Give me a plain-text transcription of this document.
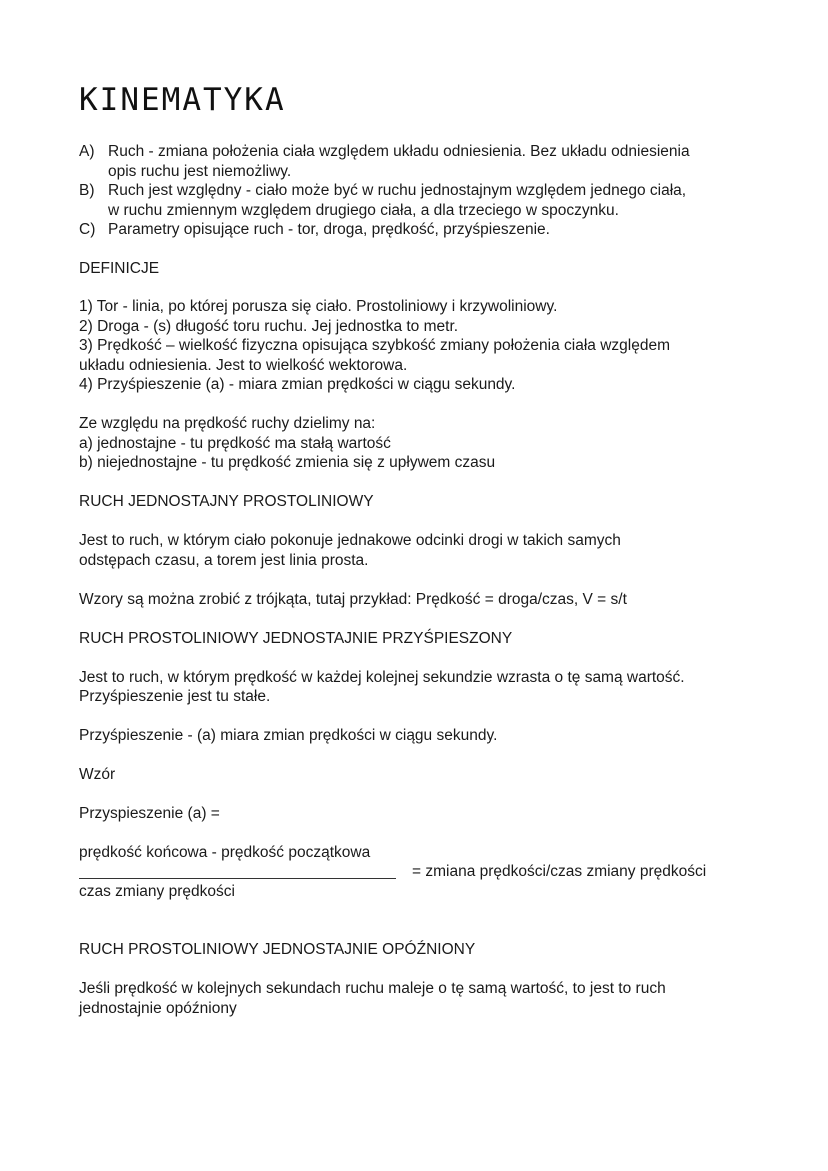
KINEMATYKA
A) Ruch - zmiana położenia ciała względem układu odniesienia. Bez układu odniesienia
opis ruchu jest niemożliwy.
B) Ruch jest względny - ciało może być w ruchu jednostajnym względem jednego ciała,
w ruchu zmiennym względem drugiego ciała, a dla trzeciego w spoczynku.
C) Parametry opisujące ruch - tor, droga, prędkość, przyśpieszenie.
DEFINICJE
1) Tor - linia, po której porusza się ciało. Prostoliniowy i krzywoliniowy.
2) Droga - (s) długość toru ruchu. Jej jednostka to metr.
3) Prędkość – wielkość fizyczna opisująca szybkość zmiany położenia ciała względem
układu odniesienia. Jest to wielkość wektorowa.
4) Przyśpieszenie (a) - miara zmian prędkości w ciągu sekundy.
Ze względu na prędkość ruchy dzielimy na:
a) jednostajne - tu prędkość ma stałą wartość
b) niejednostajne - tu prędkość zmienia się z upływem czasu
RUCH JEDNOSTAJNY PROSTOLINIOWY
Jest to ruch, w którym ciało pokonuje jednakowe odcinki drogi w takich samych
odstępach czasu, a torem jest linia prosta.
Wzory są można zrobić z trójkąta, tutaj przykład: Prędkość = droga/czas, V = s/t
RUCH PROSTOLINIOWY JEDNOSTAJNIE PRZYŚPIESZONY
Jest to ruch, w którym prędkość w każdej kolejnej sekundzie wzrasta o tę samą wartość.
Przyśpieszenie jest tu stałe.
Przyśpieszenie - (a) miara zmian prędkości w ciągu sekundy.
Wzór
Przyspieszenie (a) =
prędkość końcowa - prędkość początkowa
= zmiana prędkości/czas zmiany prędkości
czas zmiany prędkości
RUCH PROSTOLINIOWY JEDNOSTAJNIE OPÓŹNIONY
Jeśli prędkość w kolejnych sekundach ruchu maleje o tę samą wartość, to jest to ruch
jednostajnie opóźniony
